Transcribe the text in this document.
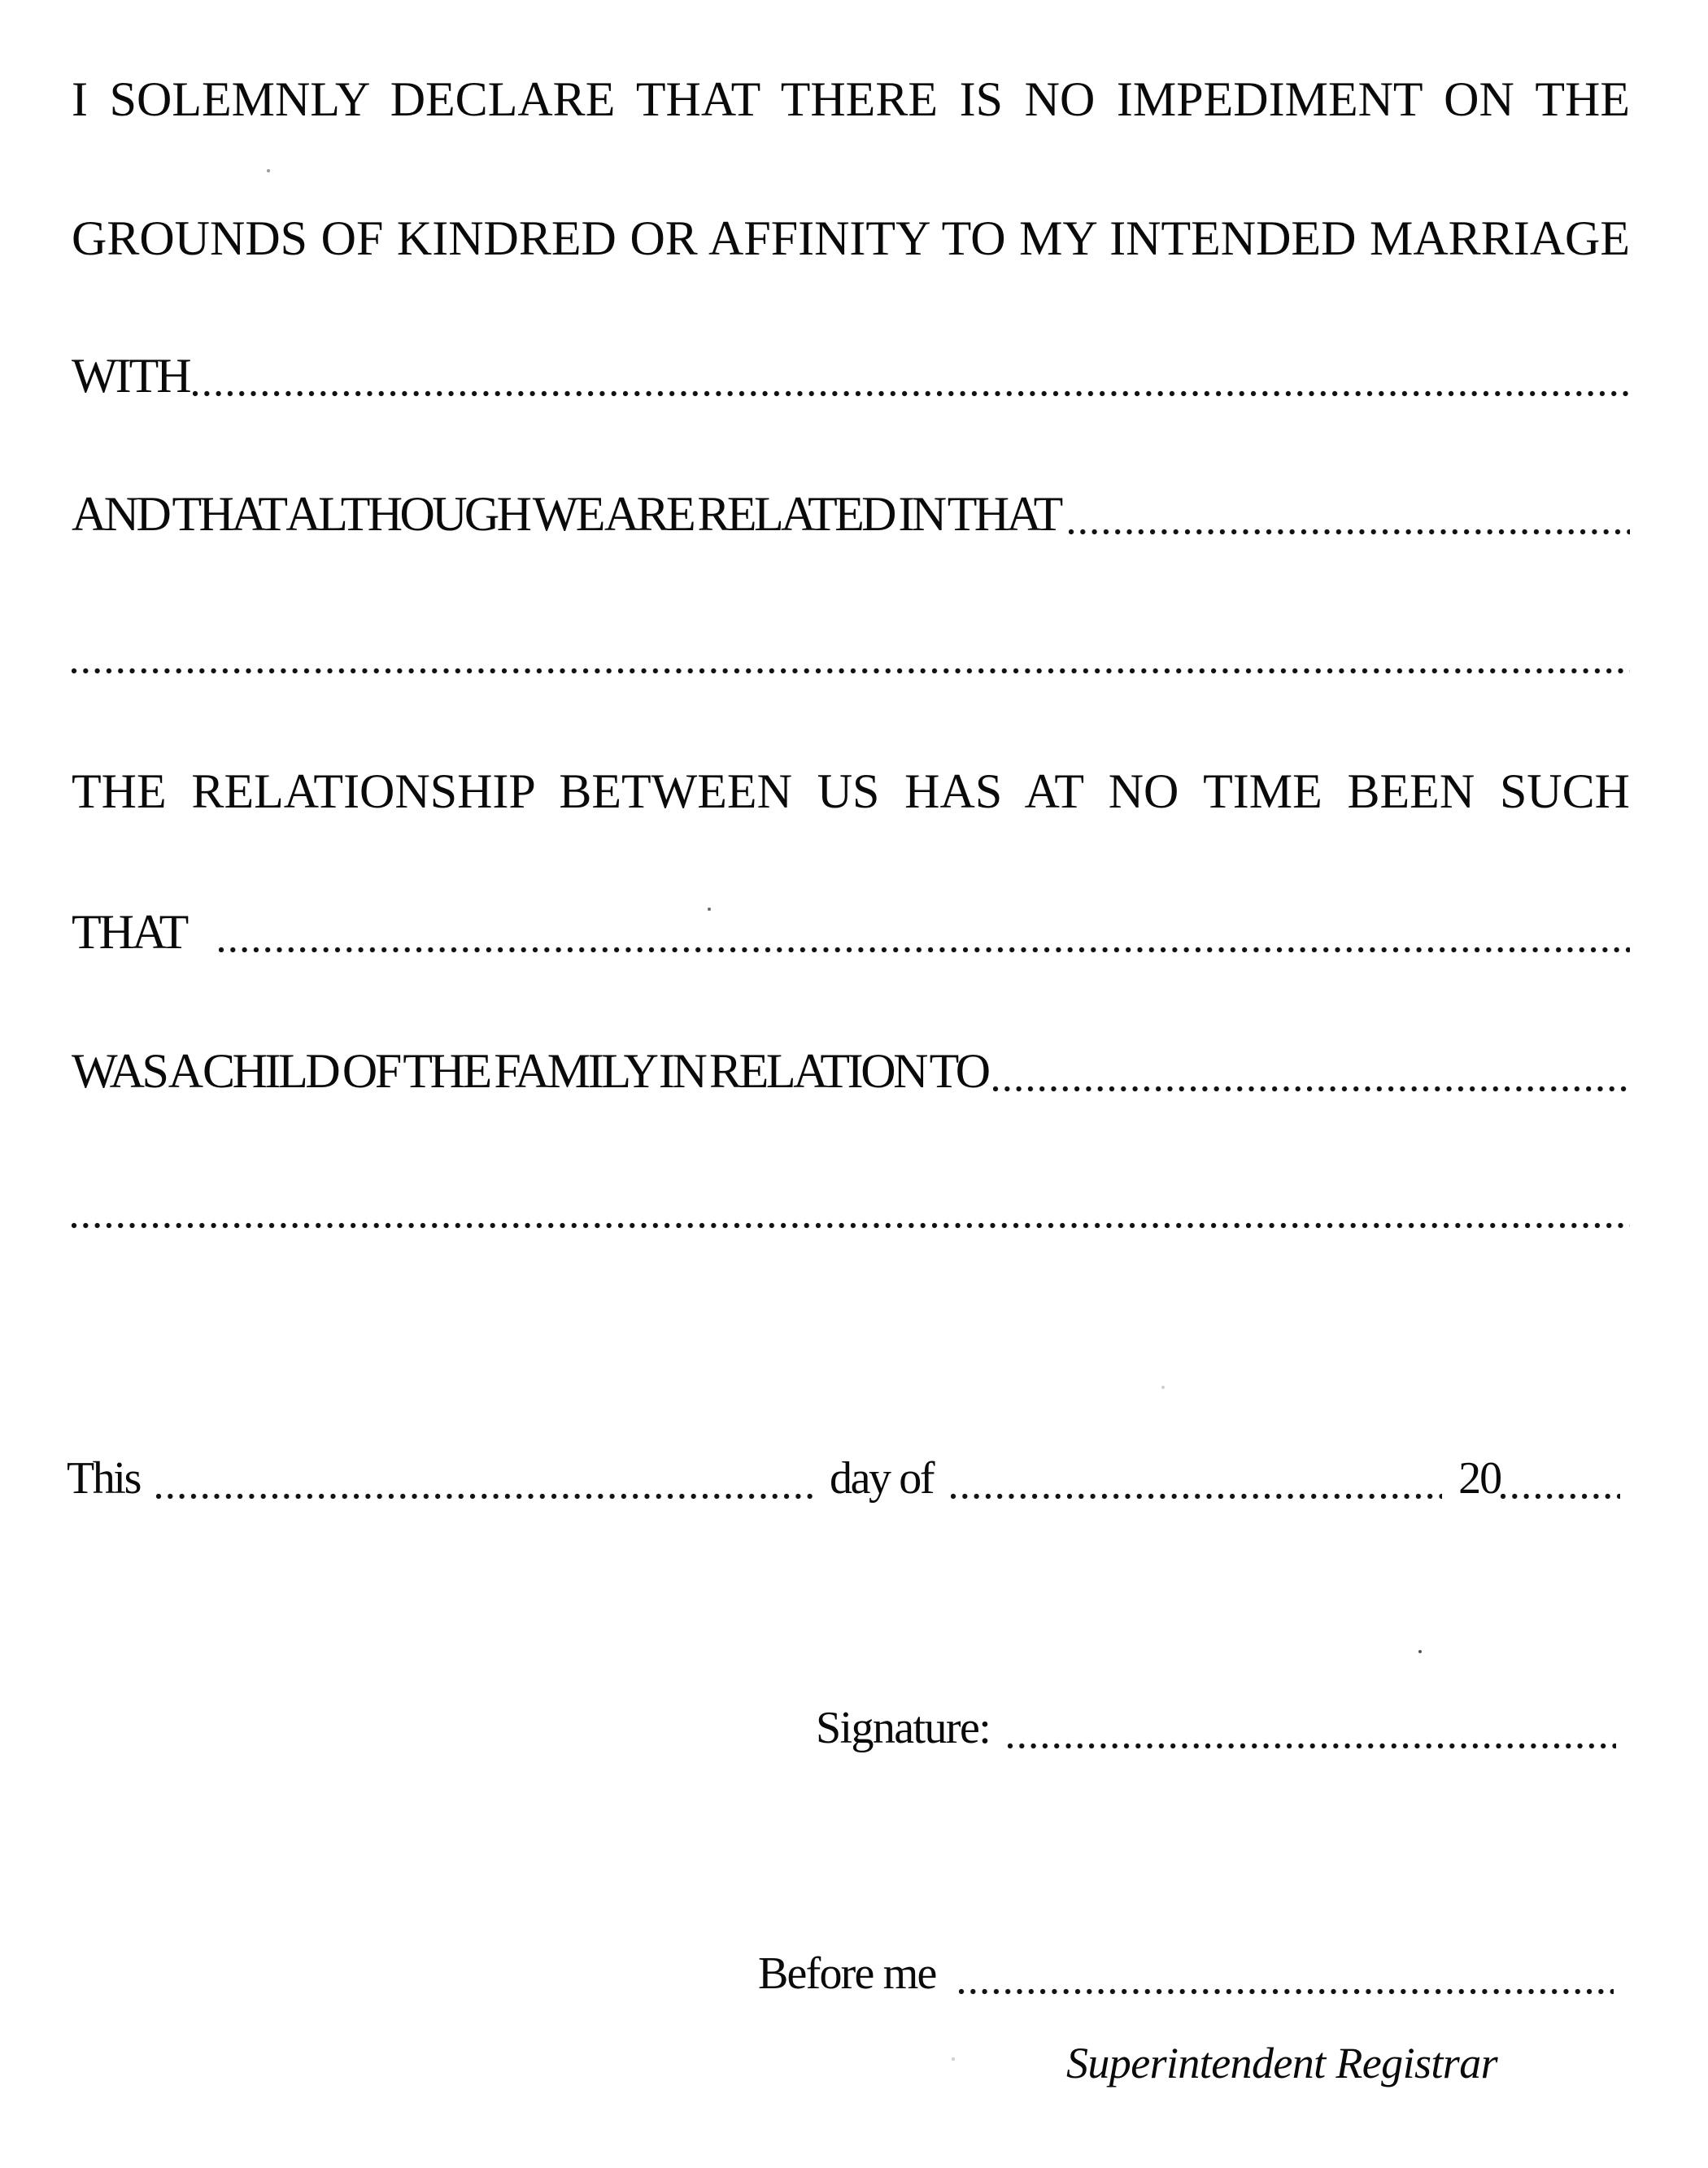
I SOLEMNLY DECLARE THAT THERE IS NO IMPEDIMENT ON THE
GROUNDS OF KINDRED OR AFFINITY TO MY INTENDED MARRIAGE
WITH
AND THAT ALTHOUGH WE ARE RELATED IN THAT
THE RELATIONSHIP BETWEEN US HAS AT NO TIME BEEN SUCH
THAT
WAS A CHILD OF THE FAMILY IN RELATION TO
This	day of	20
Signature:
Before me
Superintendent Registrar
